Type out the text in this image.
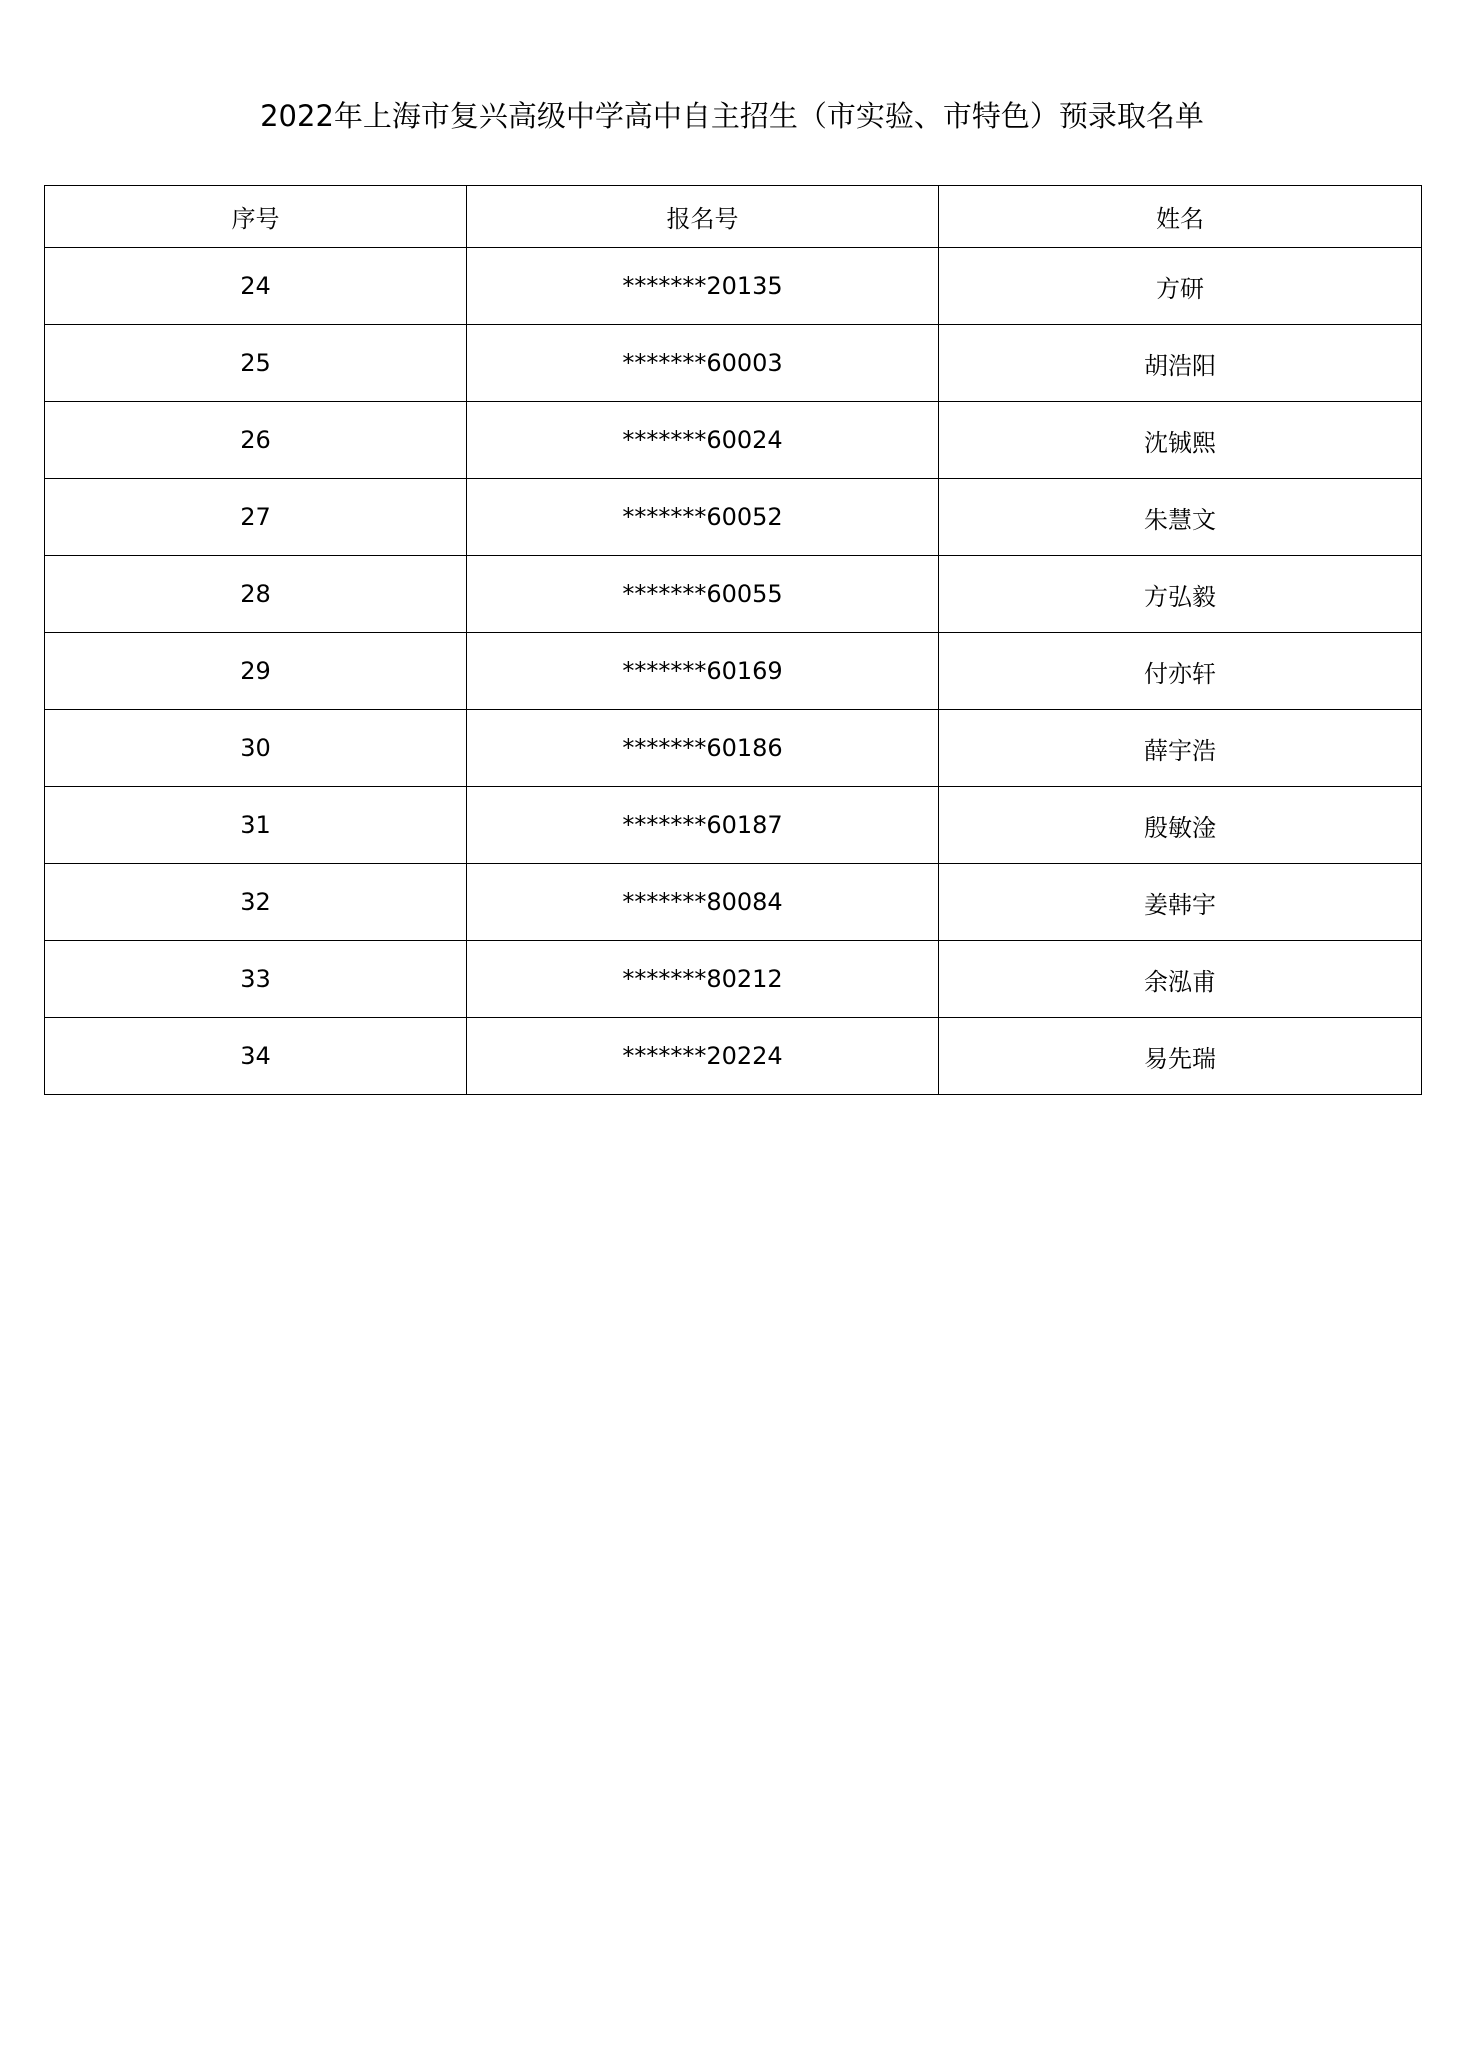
2022年上海市复兴高级中学高中自主招生（市实验、市特色）预录取名单
序号	报名号	姓名
24	*******20135	方研
25	*******60003	胡浩阳
26	*******60024	沈铖熙
27	*******60052	朱慧文
28	*******60055	方弘毅
29	*******60169	付亦轩
30	*******60186	薛宇浩
31	*******60187	殷敏淦
32	*******80084	姜韩宇
33	*******80212	余泓甫
34	*******20224	易先瑞
